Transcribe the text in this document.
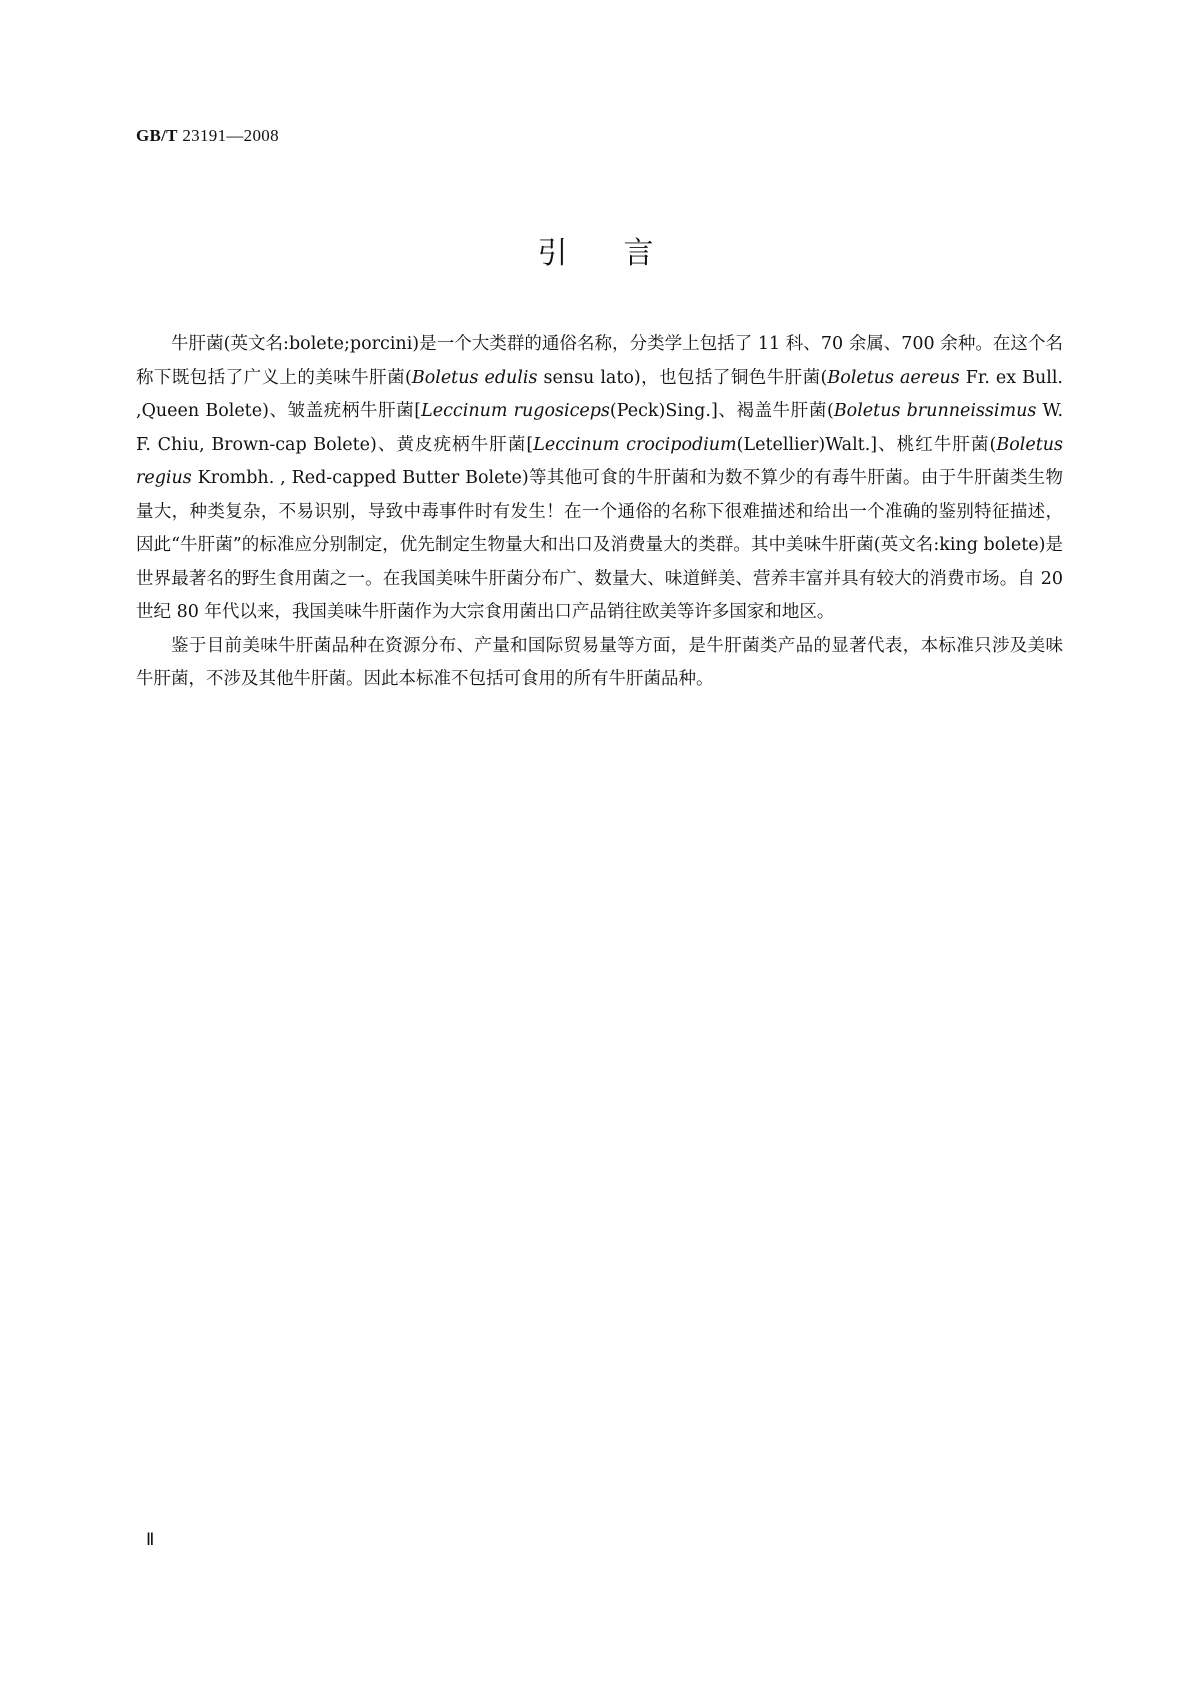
GB/T 23191—2008
引言

牛肝菌(英文名:bolete;porcini)是一个大类群的通俗名称，分类学上包括了 11 科、70 余属、700 余种。在这个名称下既包括了广义上的美味牛肝菌(Boletus edulis sensu lato)，也包括了铜色牛肝菌(Boletus aereus Fr. ex Bull. ,Queen Bolete)、皱盖疣柄牛肝菌[Leccinum rugosiceps(Peck)Sing.]、褐盖牛肝菌(Boletus brunneissimus W. F. Chiu, Brown-cap Bolete)、黄皮疣柄牛肝菌[Leccinum crocipodium(Letellier)Walt.]、桃红牛肝菌(Boletus regius Krombh. , Red-capped Butter Bolete)等其他可食的牛肝菌和为数不算少的有毒牛肝菌。由于牛肝菌类生物量大，种类复杂，不易识别，导致中毒事件时有发生！在一个通俗的名称下很难描述和给出一个准确的鉴别特征描述，因此“牛肝菌”的标准应分别制定，优先制定生物量大和出口及消费量大的类群。其中美味牛肝菌(英文名:king bolete)是世界最著名的野生食用菌之一。在我国美味牛肝菌分布广、数量大、味道鲜美、营养丰富并具有较大的消费市场。自 20 世纪 80 年代以来，我国美味牛肝菌作为大宗食用菌出口产品销往欧美等许多国家和地区。

鉴于目前美味牛肝菌品种在资源分布、产量和国际贸易量等方面，是牛肝菌类产品的显著代表，本标准只涉及美味牛肝菌，不涉及其他牛肝菌。因此本标准不包括可食用的所有牛肝菌品种。

Ⅱ
